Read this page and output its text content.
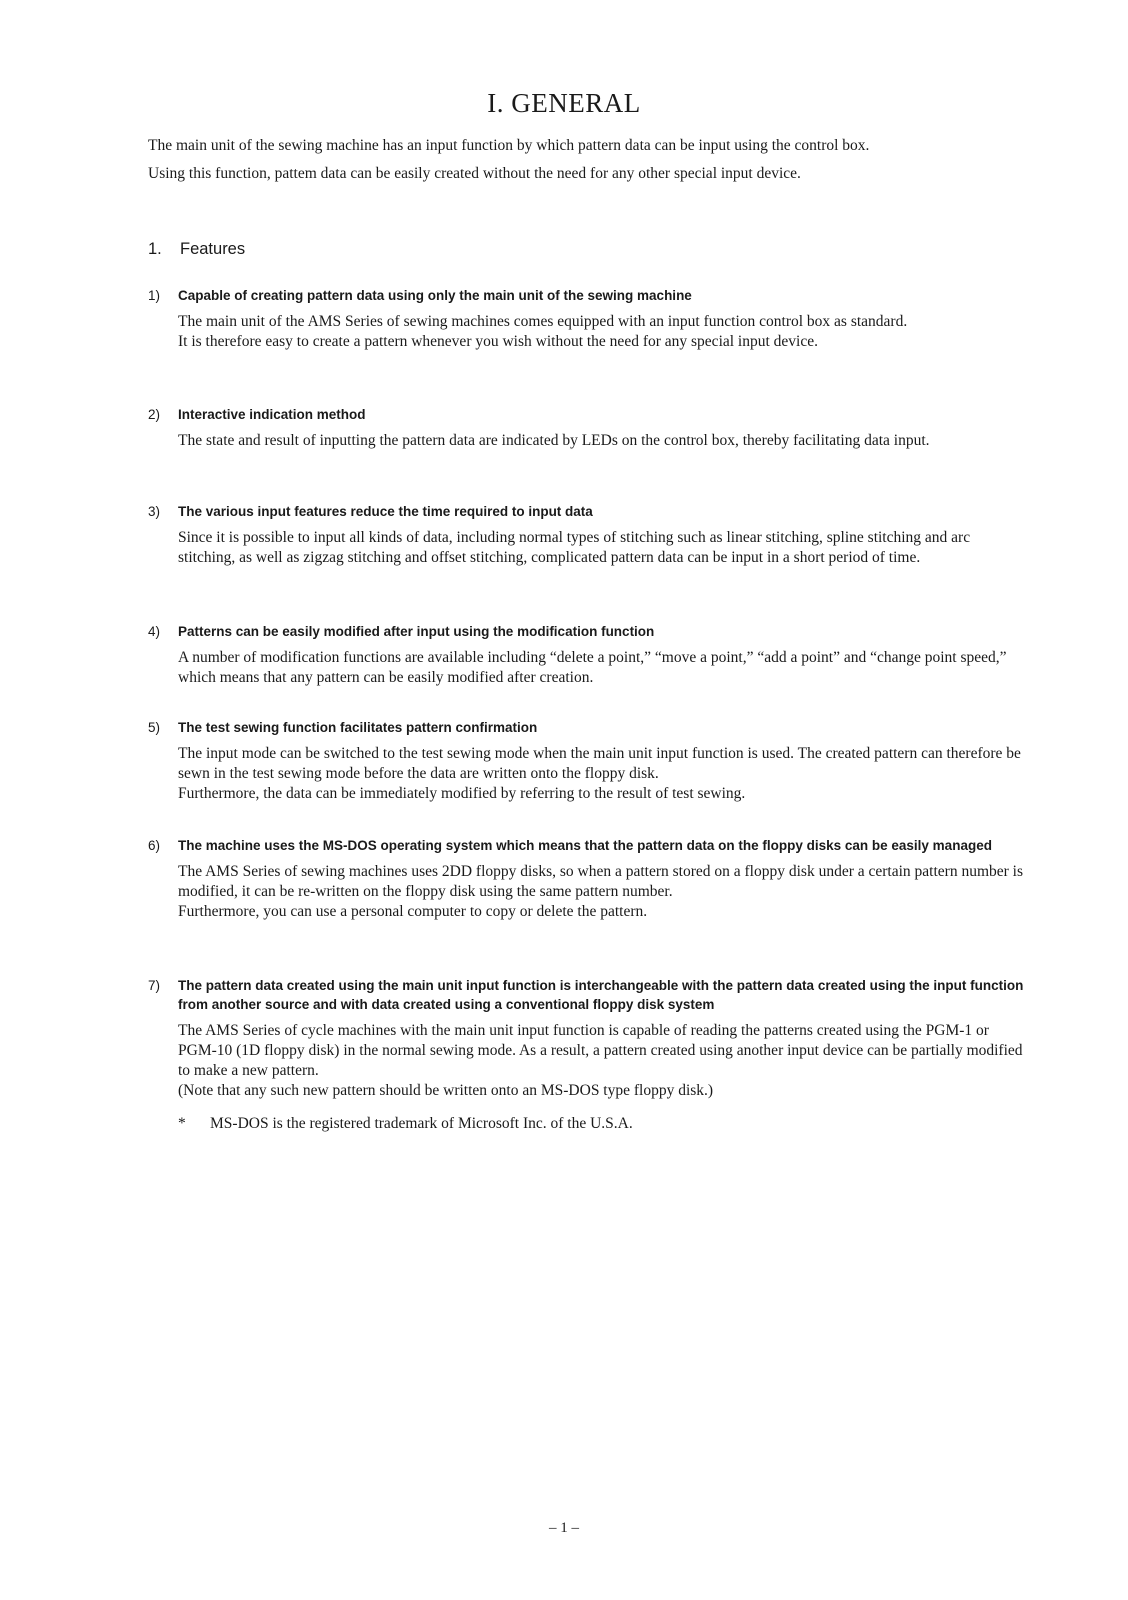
I. GENERAL

The main unit of the sewing machine has an input function by which pattern data can be input using the control box.

Using this function, pattem data can be easily created without the need for any other special input device.

1. Features
1)	Capable of creating pattern data using only the main unit of the sewing machine

The main unit of the AMS Series of sewing machines comes equipped with an input function control box as standard.

It is therefore easy to create a pattern whenever you wish without the need for any special input device.

2)	Interactive indication method

The state and result of inputting the pattern data are indicated by LEDs on the control box, thereby facilitating data input.

3)	The various input features reduce the time required to input data

Since it is possible to input all kinds of data, including normal types of stitching such as linear stitching, spline stitching and arc stitching, as well as zigzag stitching and offset stitching, complicated pattern data can be input in a short period of time.

4)	Patterns can be easily modified after input using the modification function

A number of modification functions are available including “delete a point,” “move a point,” “add a point” and “change point speed,” which means that any pattern can be easily modified after creation.

5)	The test sewing function facilitates pattern confirmation

The input mode can be switched to the test sewing mode when the main unit input function is used. The created pattern can therefore be sewn in the test sewing mode before the data are written onto the floppy disk.

Furthermore, the data can be immediately modified by referring to the result of test sewing.

6)	The machine uses the MS-DOS operating system which means that the pattern data on the floppy disks can be easily managed

The AMS Series of sewing machines uses 2DD floppy disks, so when a pattern stored on a floppy disk under a certain pattern number is modified, it can be re-written on the floppy disk using the same pattern number.

Furthermore, you can use a personal computer to copy or delete the pattern.

7)	The pattern data created using the main unit input function is interchangeable with the pattern data created using the input function from another source and with data created using a conventional floppy disk system

The AMS Series of cycle machines with the main unit input function is capable of reading the patterns created using the PGM-1 or PGM-10 (1D floppy disk) in the normal sewing mode. As a result, a pattern created using another input device can be partially modified to make a new pattern.

(Note that any such new pattern should be written onto an MS-DOS type floppy disk.)

*	MS-DOS is the registered trademark of Microsoft Inc. of the U.S.A.
– 1 –
